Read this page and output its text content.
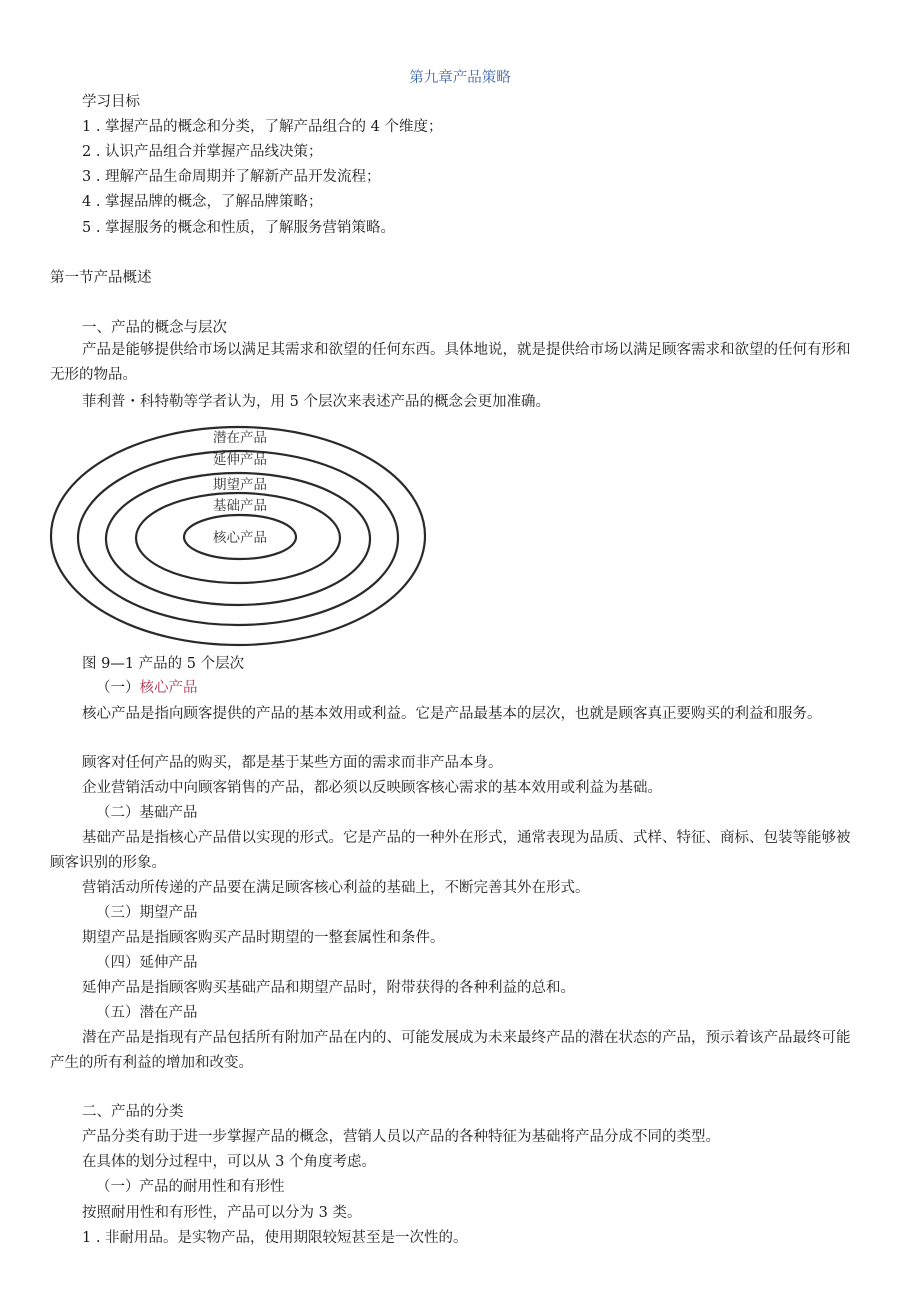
第九章产品策略
学习目标
1 . 掌握产品的概念和分类，了解产品组合的 4 个维度；
2 . 认识产品组合并掌握产品线决策；
3 . 理解产品生命周期并了解新产品开发流程；
4 . 掌握品牌的概念，了解品牌策略；
5 . 掌握服务的概念和性质，了解服务营销策略。
第一节产品概述
一、产品的概念与层次
产品是能够提供给市场以满足其需求和欲望的任何东西。具体地说，就是提供给市场以满足顾客需求和欲望的任何有形和无形的物品。
菲利普・科特勒等学者认为，用 5 个层次来表述产品的概念会更加准确。
潜在产品
延伸产品
期望产品
基础产品
核心产品
图 9—1 产品的 5 个层次
（一）核心产品
核心产品是指向顾客提供的产品的基本效用或利益。它是产品最基本的层次，也就是顾客真正要购买的利益和服务。
顾客对任何产品的购买，都是基于某些方面的需求而非产品本身。
企业营销活动中向顾客销售的产品，都必须以反映顾客核心需求的基本效用或利益为基础。
（二）基础产品
基础产品是指核心产品借以实现的形式。它是产品的一种外在形式，通常表现为品质、式样、特征、商标、包装等能够被顾客识别的形象。
营销活动所传递的产品要在满足顾客核心利益的基础上，不断完善其外在形式。
（三）期望产品
期望产品是指顾客购买产品时期望的一整套属性和条件。
（四）延伸产品
延伸产品是指顾客购买基础产品和期望产品时，附带获得的各种利益的总和。
（五）潜在产品
潜在产品是指现有产品包括所有附加产品在内的、可能发展成为未来最终产品的潜在状态的产品，预示着该产品最终可能产生的所有利益的增加和改变。
二、产品的分类
产品分类有助于进一步掌握产品的概念，营销人员以产品的各种特征为基础将产品分成不同的类型。
在具体的划分过程中，可以从 3 个角度考虑。
（一）产品的耐用性和有形性
按照耐用性和有形性，产品可以分为 3 类。
1 . 非耐用品。是实物产品，使用期限较短甚至是一次性的。
